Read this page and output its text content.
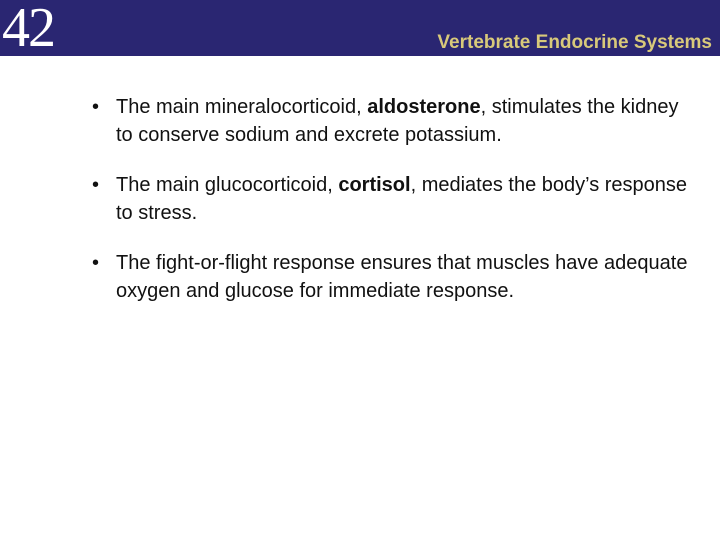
42	Vertebrate Endocrine Systems
• The main mineralocorticoid, aldosterone, stimulates the kidney to conserve sodium and excrete potassium.
• The main glucocorticoid, cortisol, mediates the body’s response to stress.
• The fight-or-flight response ensures that muscles have adequate oxygen and glucose for immediate response.
